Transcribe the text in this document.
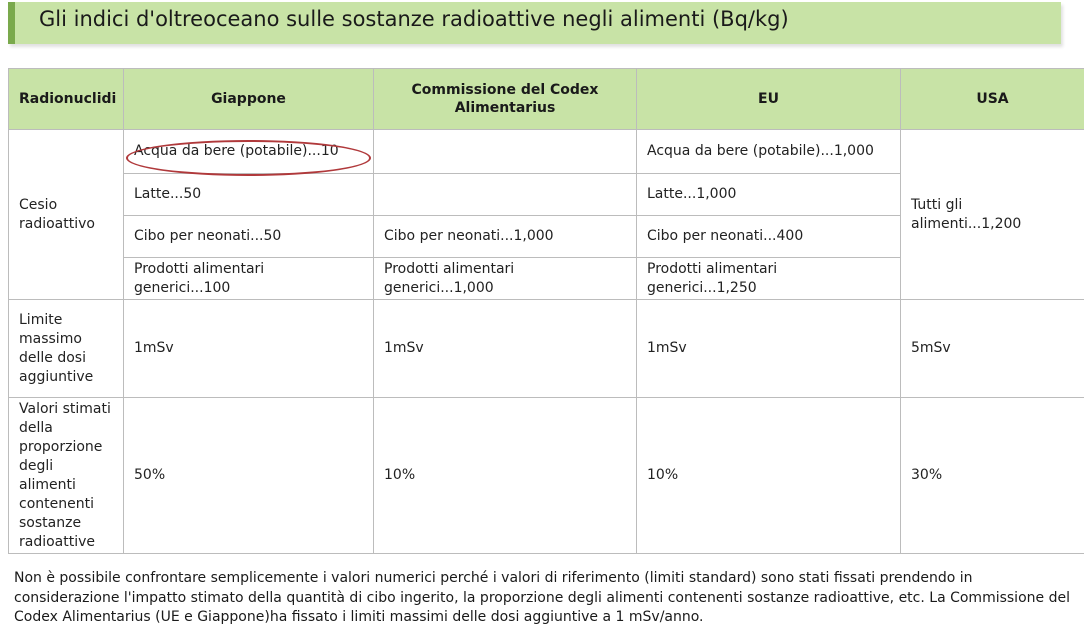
Gli indici d'oltreoceano sulle sostanze radioattive negli alimenti (Bq/kg)
Radionuclidi	Giappone	Commissione del Codex Alimentarius	EU	USA
Cesio radioattivo	Acqua da bere (potabile)...10		Acqua da bere (potabile)...1,000	Tutti gli alimenti...1,200
	Latte...50		Latte...1,000	
	Cibo per neonati...50	Cibo per neonati...1,000	Cibo per neonati...400	
	Prodotti alimentari generici...100	Prodotti alimentari generici...1,000	Prodotti alimentari generici...1,250	
Limite massimo delle dosi aggiuntive	1mSv	1mSv	1mSv	5mSv
Valori stimati della proporzione degli alimenti contenenti sostanze radioattive	50%	10%	10%	30%

Non è possibile confrontare semplicemente i valori numerici perché i valori di riferimento (limiti standard) sono stati fissati prendendo in considerazione l'impatto stimato della quantità di cibo ingerito, la proporzione degli alimenti contenenti sostanze radioattive, etc. La Commissione del Codex Alimentarius (UE e Giappone)ha fissato i limiti massimi delle dosi aggiuntive a 1 mSv/anno.
